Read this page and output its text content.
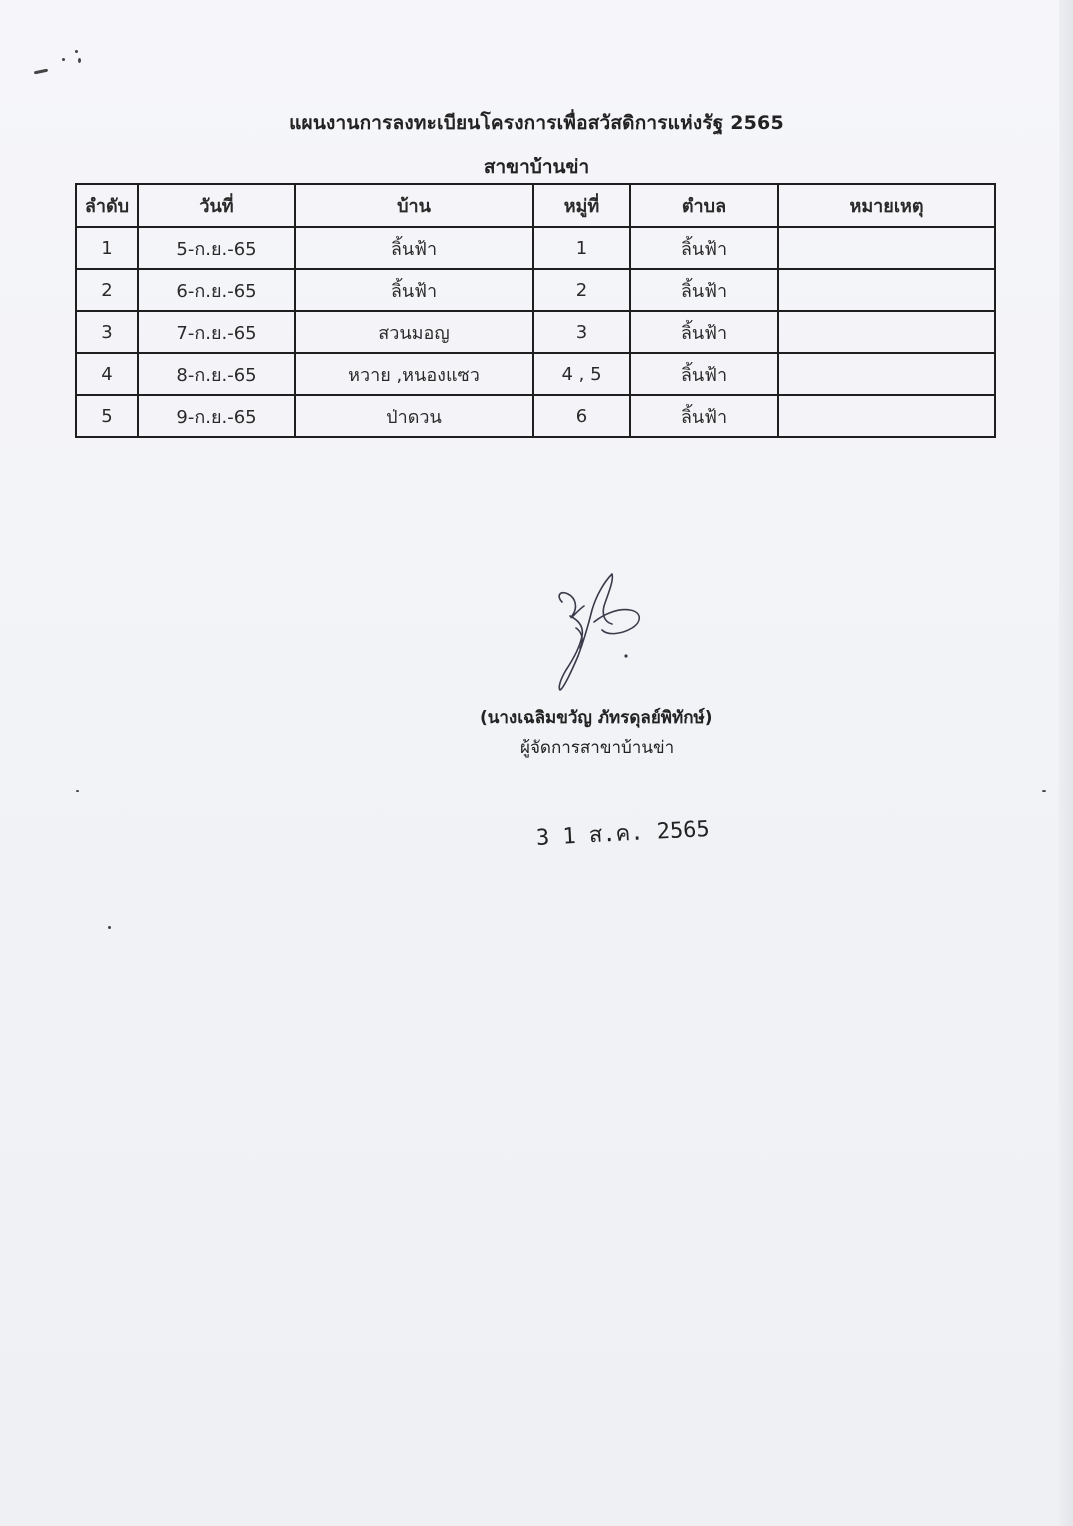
แผนงานการลงทะเบียนโครงการเพื่อสวัสดิการแห่งรัฐ 2565
สาขาบ้านข่า
ลำดับ	วันที่	บ้าน	หมู่ที่	ตำบล	หมายเหตุ
1	5-ก.ย.-65	ลิ้นฟ้า	1	ลิ้นฟ้า	
2	6-ก.ย.-65	ลิ้นฟ้า	2	ลิ้นฟ้า	
3	7-ก.ย.-65	สวนมอญ	3	ลิ้นฟ้า	
4	8-ก.ย.-65	หวาย ,หนองแซว	4 , 5	ลิ้นฟ้า	
5	9-ก.ย.-65	ป่าดวน	6	ลิ้นฟ้า	
(นางเฉลิมขวัญ ภัทรดุลย์พิทักษ์)
ผู้จัดการสาขาบ้านข่า
3 1 ส.ค. 2565
